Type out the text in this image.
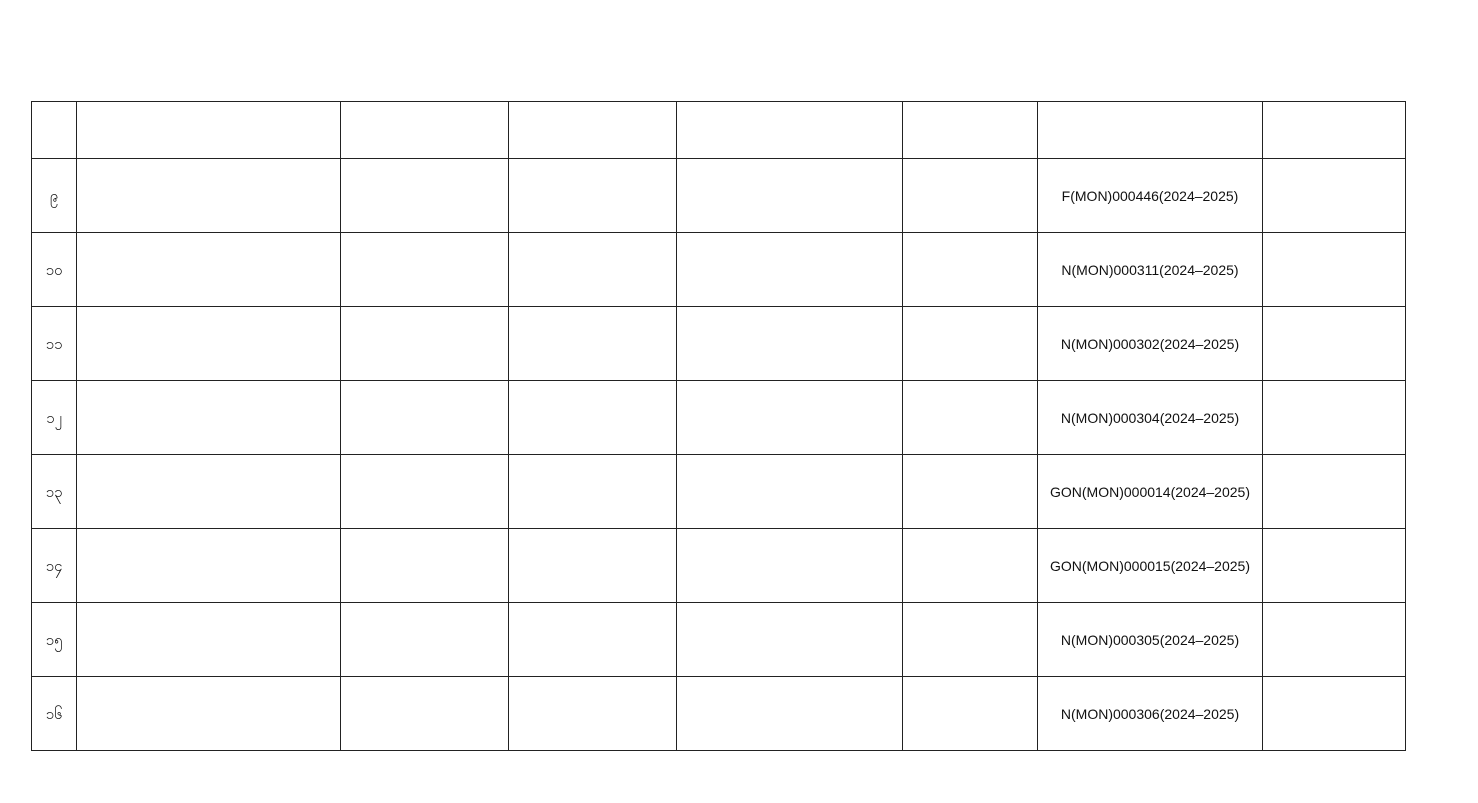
၉						F(MON)000446(2024–2025)	

၁၀						N(MON)000311(2024–2025)	

၁၁						N(MON)000302(2024–2025)	

၁၂						N(MON)000304(2024–2025)	

၁၃						GON(MON)000014(2024–2025)	

၁၄						GON(MON)000015(2024–2025)	

၁၅						N(MON)000305(2024–2025)	

၁၆						N(MON)000306(2024–2025)	
